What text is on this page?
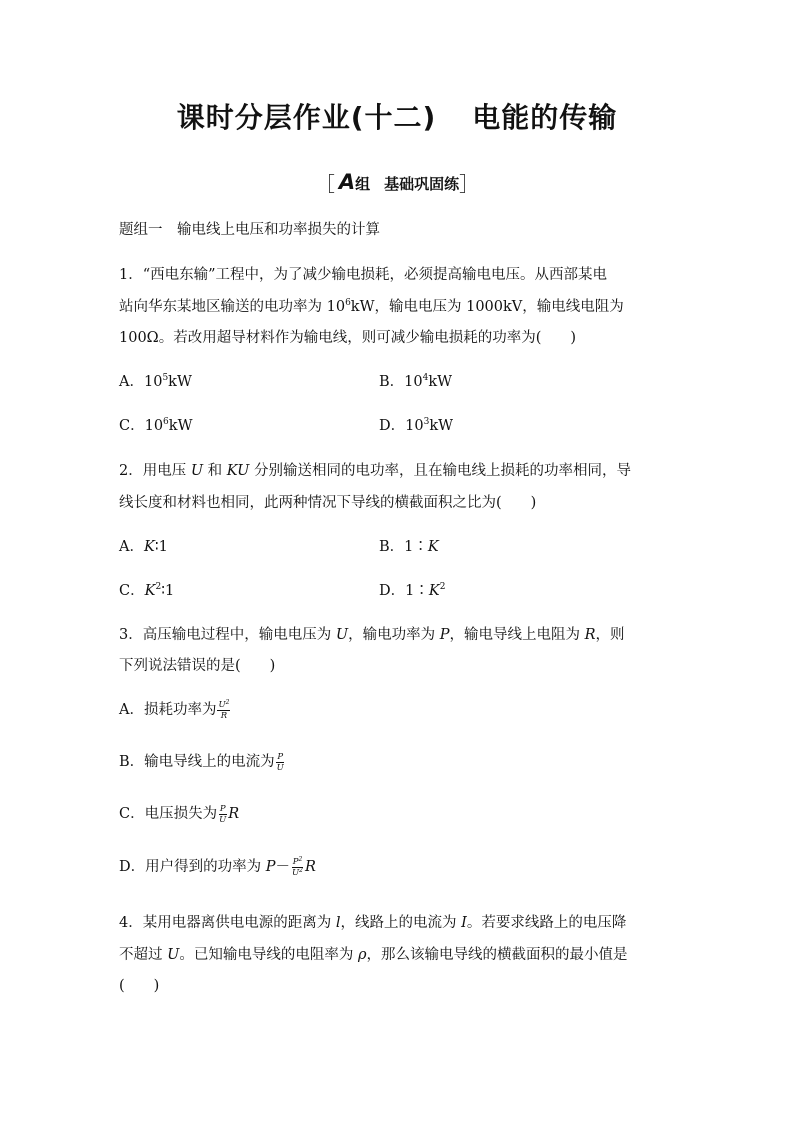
课时分层作业(十二) 电能的传输
［ A组 基础巩固练］
题组一　输电线上电压和功率损失的计算
1．“西电东输”工程中，为了减少输电损耗，必须提高输电电压。从西部某电
站向华东某地区输送的电功率为 $10^6kW$，输电电压为 1000kV，输电线电阻为
100Ω。若改用超导材料作为输电线，则可减少输电损耗的功率为(　　)
A．$10^5kW$	B．$10^4kW$
C．$10^6kW$	D．$10^3kW$
2．用电压 U 和 KU 分别输送相同的电功率，且在输电线上损耗的功率相同，导
线长度和材料也相同，此两种情况下导线的横截面积之比为(　　)
A．K∶1	B．1∶K
C．$K^2∶1$	D．$1∶K^2$
3．高压输电过程中，输电电压为 U，输电功率为 P，输电导线上电阻为 R，则
下列说法错误的是(　　)
A．损耗功率为 $\frac{U^2}{R}$
B．输电导线上的电流为 $\frac{P}{U}$
C．电压损失为 $\frac{P}{U}$ R
D．用户得到的功率为 $P- \frac{P^2}{U^2}$ R
4．某用电器离供电电源的距离为 l，线路上的电流为 I。若要求线路上的电压降
不超过 U。已知输电导线的电阻率为 ρ，那么该输电导线的横截面积的最小值是
(　　)
